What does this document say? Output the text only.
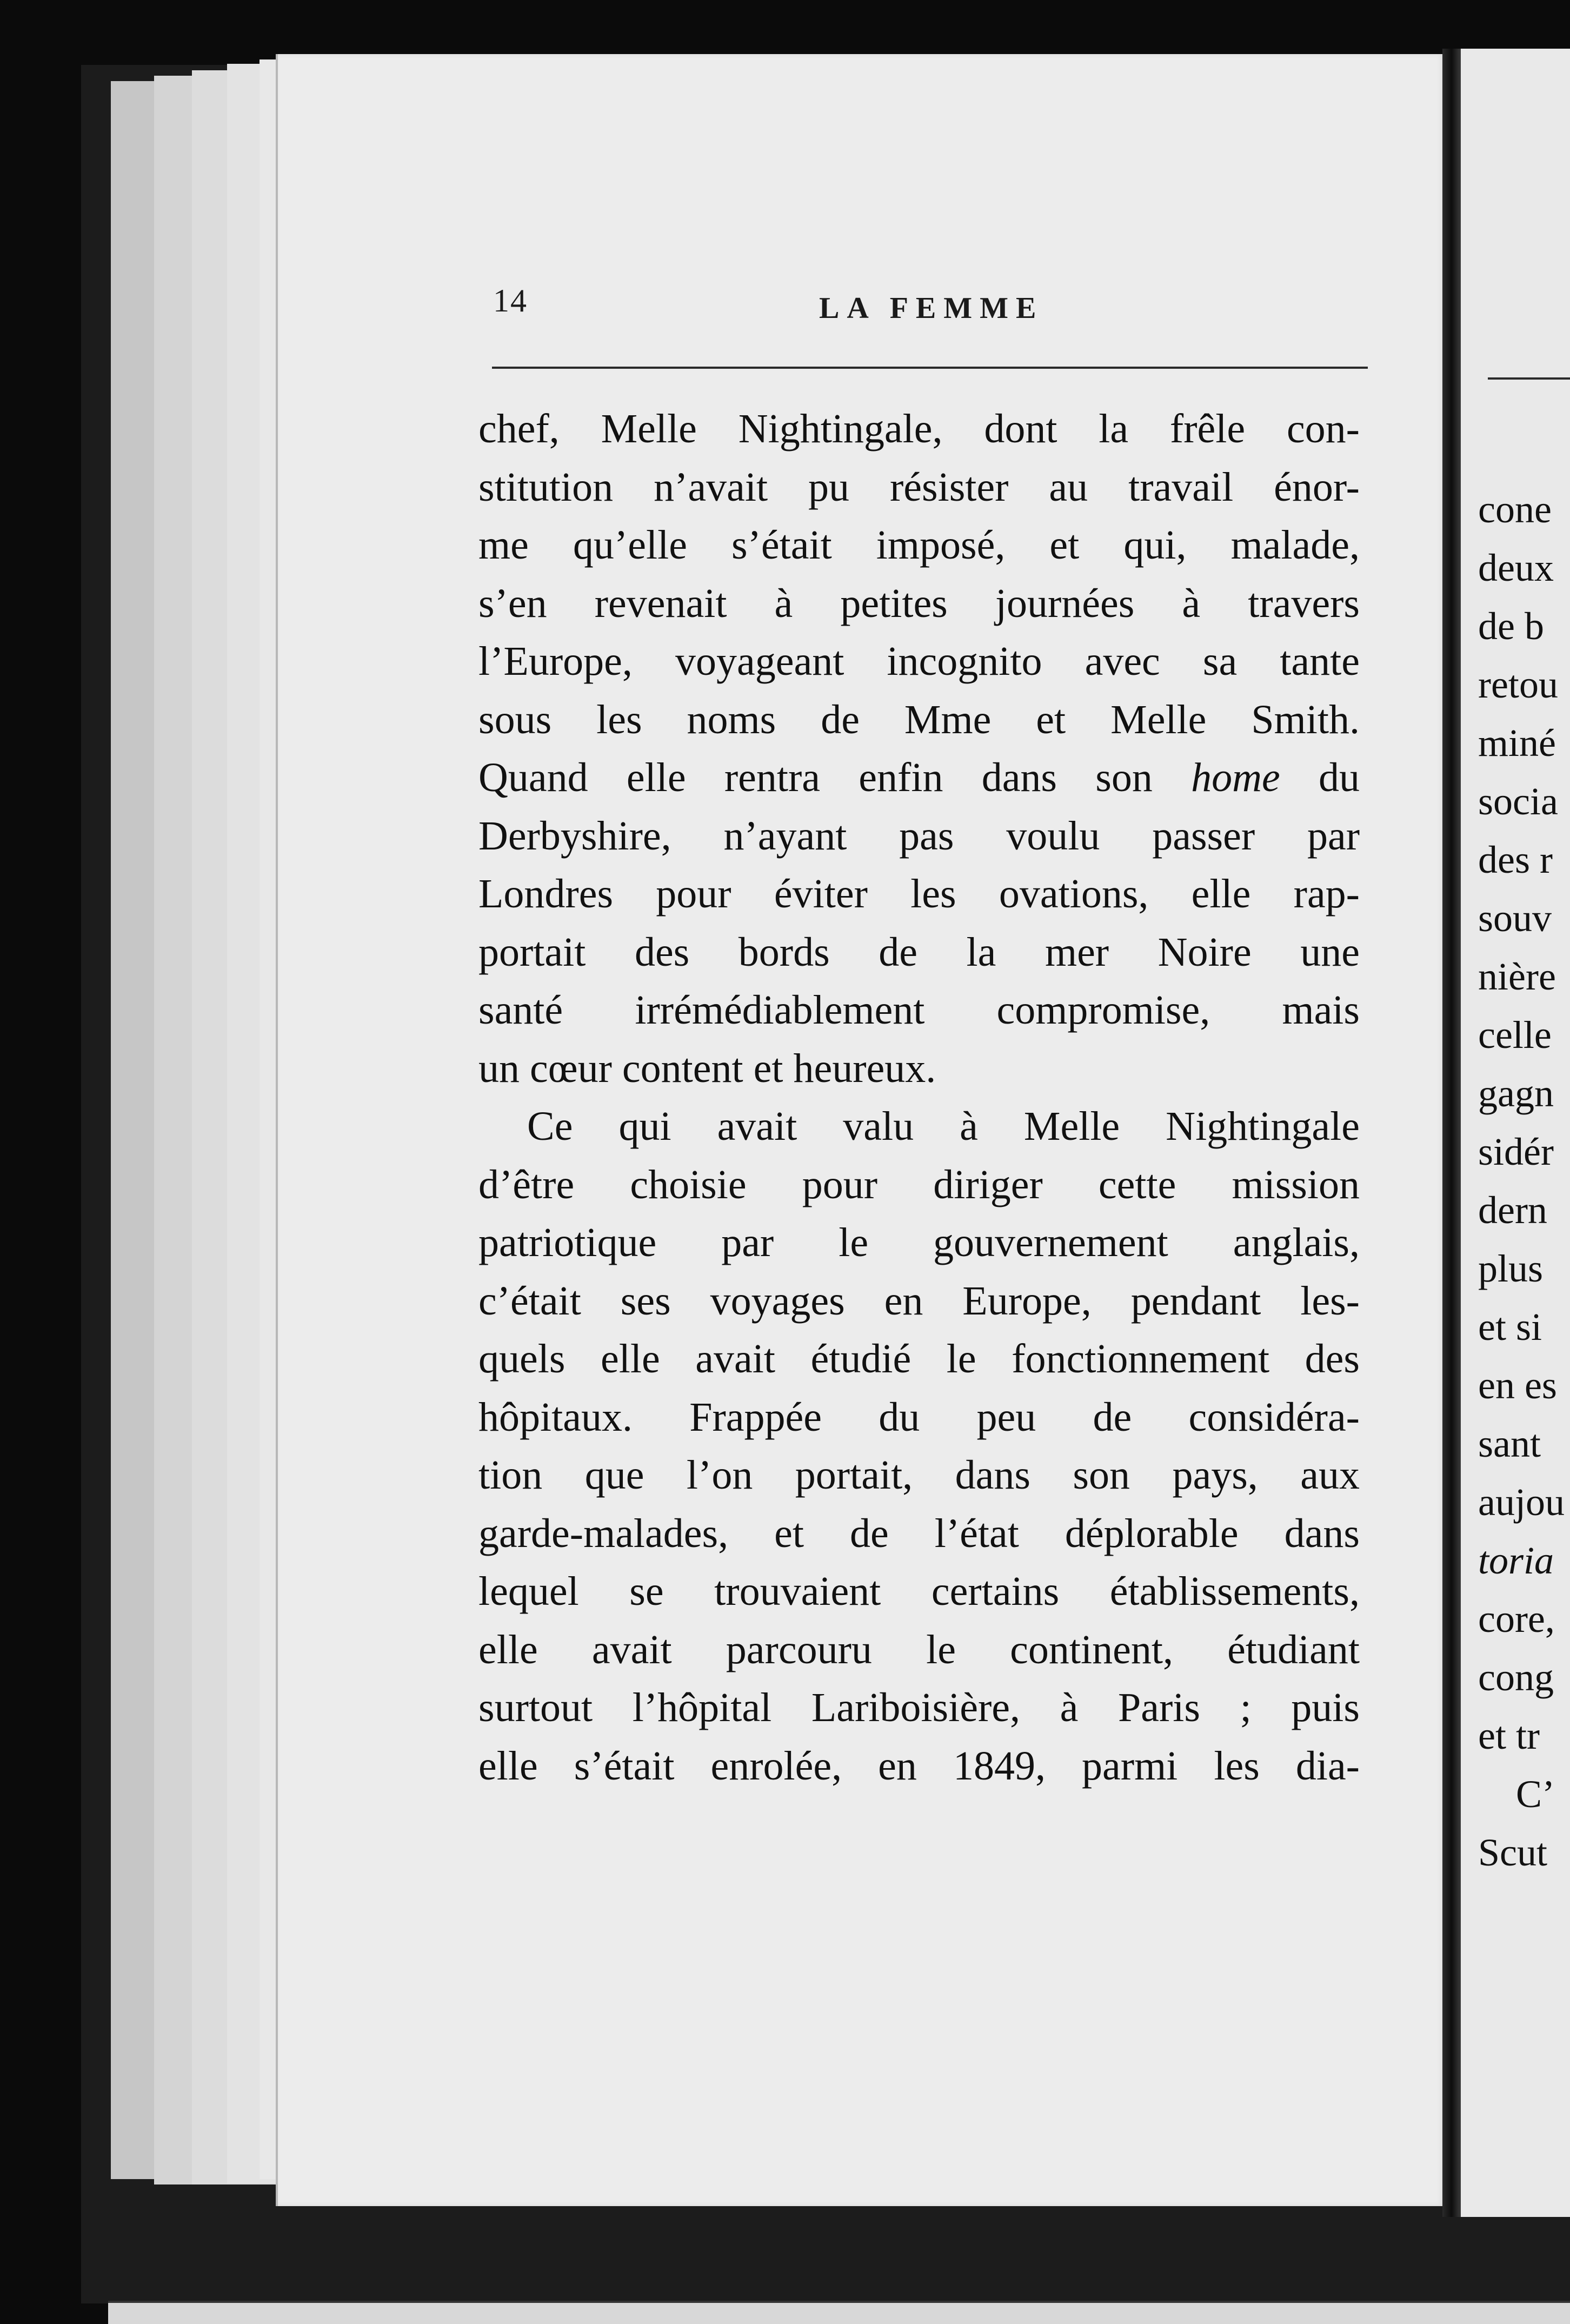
cone
deux
de b
retou
miné
socia
des r
souv
nière
celle
gagn
sidér
dern
plus
et si
en es
sant
aujou
toria
core,
cong
et tr
C’
Scut
14	LA FEMME
chef, Melle Nightingale, dont la frêle con-
stitution n’avait pu résister au travail énor-
me qu’elle s’était imposé, et qui, malade,
s’en revenait à petites journées à travers
l’Europe, voyageant incognito avec sa tante
sous les noms de Mme et Melle Smith.
Quand elle rentra enfin dans son home du
Derbyshire, n’ayant pas voulu passer par
Londres pour éviter les ovations, elle rap-
portait des bords de la mer Noire une
santé irrémédiablement compromise, mais
un cœur content et heureux.
Ce qui avait valu à Melle Nightingale
d’être choisie pour diriger cette mission
patriotique par le gouvernement anglais,
c’était ses voyages en Europe, pendant les-
quels elle avait étudié le fonctionnement des
hôpitaux. Frappée du peu de considéra-
tion que l’on portait, dans son pays, aux
garde-malades, et de l’état déplorable dans
lequel se trouvaient certains établissements,
elle avait parcouru le continent, étudiant
surtout l’hôpital Lariboisière, à Paris ; puis
elle s’était enrolée, en 1849, parmi les dia-
